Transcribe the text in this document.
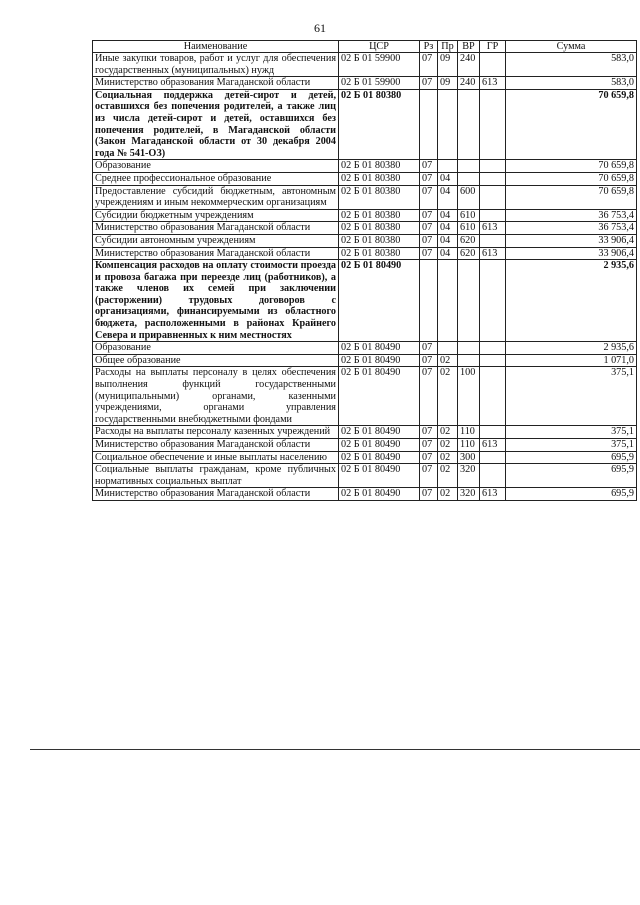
61
Наименование	ЦСР	Рз	Пр	ВР	ГР	Сумма
Иные закупки товаров, работ и услуг для обеспечения государственных (муниципальных) нужд	02 Б 01 59900	07	09	240		583,0
Министерство образования Магаданской области	02 Б 01 59900	07	09	240	613	583,0
Социальная поддержка детей-сирот и детей, оставшихся без попечения родителей, а также лиц из числа детей-сирот и детей, оставшихся без попечения родителей, в Магаданской области (Закон Магаданской области от 30 декабря 2004 года № 541-ОЗ)	02 Б 01 80380					70 659,8
Образование	02 Б 01 80380	07				70 659,8
Среднее профессиональное образование	02 Б 01 80380	07	04			70 659,8
Предоставление субсидий бюджетным, автономным учреждениям и иным некоммерческим организациям	02 Б 01 80380	07	04	600		70 659,8
Субсидии бюджетным учреждениям	02 Б 01 80380	07	04	610		36 753,4
Министерство образования Магаданской области	02 Б 01 80380	07	04	610	613	36 753,4
Субсидии автономным учреждениям	02 Б 01 80380	07	04	620		33 906,4
Министерство образования Магаданской области	02 Б 01 80380	07	04	620	613	33 906,4
Компенсация расходов на оплату стоимости проезда и провоза багажа при переезде лиц (работников), а также членов их семей при заключении (расторжении) трудовых договоров с организациями, финансируемыми из областного бюджета, расположенными в районах Крайнего Севера и приравненных к ним местностях	02 Б 01 80490					2 935,6
Образование	02 Б 01 80490	07				2 935,6
Общее образование	02 Б 01 80490	07	02			1 071,0
Расходы на выплаты персоналу в целях обеспечения выполнения функций государственными (муниципальными) органами, казенными учреждениями, органами управления государственными внебюджетными фондами	02 Б 01 80490	07	02	100		375,1
Расходы на выплаты персоналу казенных учреждений	02 Б 01 80490	07	02	110		375,1
Министерство образования Магаданской области	02 Б 01 80490	07	02	110	613	375,1
Социальное обеспечение и иные выплаты населению	02 Б 01 80490	07	02	300		695,9
Социальные выплаты гражданам, кроме публичных нормативных социальных выплат	02 Б 01 80490	07	02	320		695,9
Министерство образования Магаданской области	02 Б 01 80490	07	02	320	613	695,9
